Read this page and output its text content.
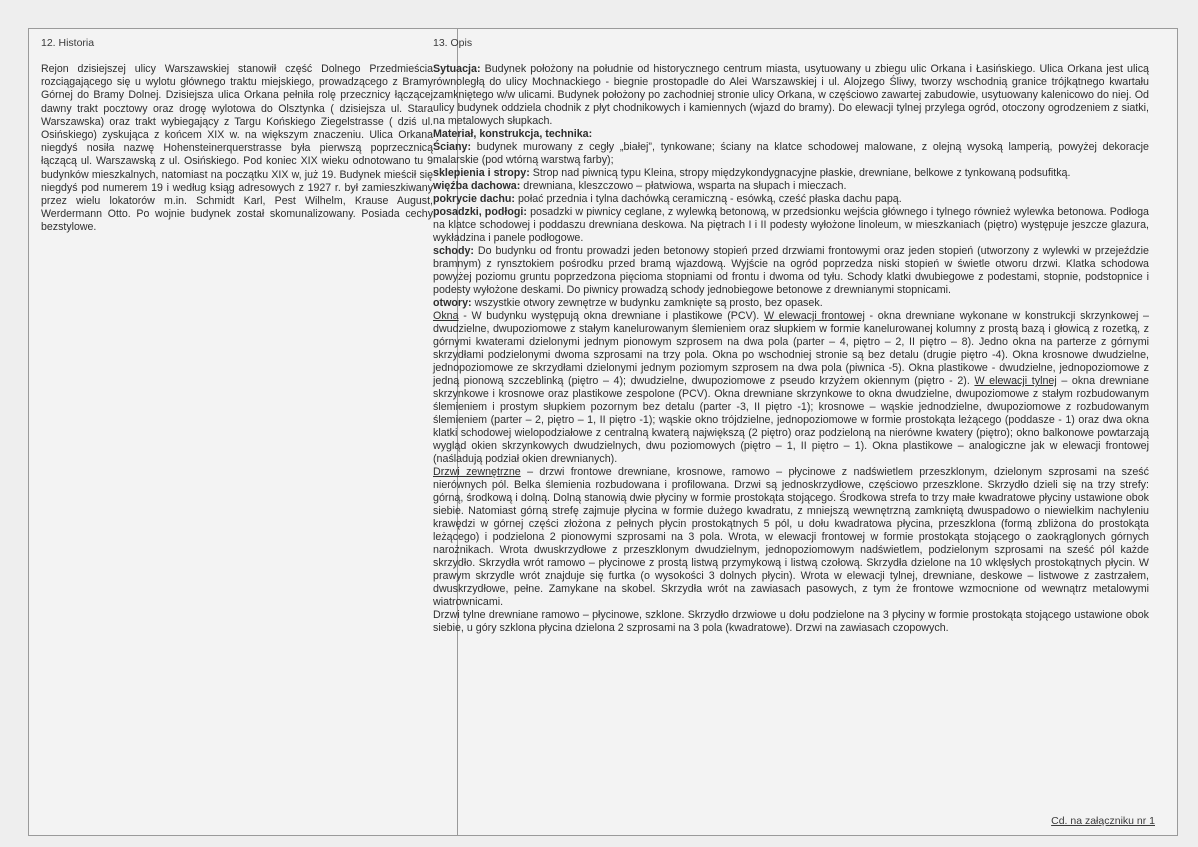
12. Historia

Rejon dzisiejszej ulicy Warszawskiej stanowił część Dolnego Przedmieścia rozciągającego się u wylotu głównego traktu miejskiego, prowadzącego z Bramy Górnej do Bramy Dolnej. Dzisiejsza ulica Orkana pełniła rolę przecznicy łączącej dawny trakt pocztowy oraz drogę wylotowa do Olsztynka ( dzisiejsza ul. Stara Warszawska) oraz trakt wybiegający z Targu Końskiego Ziegelstrasse ( dziś ul. Osińskiego) zyskująca z końcem XIX w. na większym znaczeniu. Ulica Orkana niegdyś nosiła nazwę Hohensteinerquerstrasse była pierwszą poprzecznicą łączącą ul. Warszawską z ul. Osińskiego. Pod koniec XIX wieku odnotowano tu 9 budynków mieszkalnych, natomiast na początku XIX w, już 19. Budynek mieścił się niegdyś pod numerem 19 i według ksiąg adresowych z 1927 r. był zamieszkiwany przez wielu lokatorów m.in. Schmidt Karl, Pest Wilhelm, Krause August, Werdermann Otto. Po wojnie budynek został skomunalizowany. Posiada cechy bezstylowe.

13. Opis

Sytuacja: Budynek położony na południe od historycznego centrum miasta, usytuowany u zbiegu ulic Orkana i Łasińskiego. Ulica Orkana jest ulicą równoległą do ulicy Mochnackiego - biegnie prostopadle do Alei Warszawskiej i ul. Alojzego Śliwy, tworzy wschodnią granice trójkątnego kwartału zamkniętego w/w ulicami. Budynek położony po zachodniej stronie ulicy Orkana, w częściowo zawartej zabudowie, usytuowany kalenicowo do niej. Od ulicy budynek oddziela chodnik z płyt chodnikowych i kamiennych (wjazd do bramy). Do elewacji tylnej przylega ogród, otoczony ogrodzeniem z siatki, na metalowych słupkach.

Materiał, konstrukcja, technika:

Ściany: budynek murowany z cegły „białej”, tynkowane; ściany na klatce schodowej malowane, z olejną wysoką lamperią, powyżej dekoracje malarskie (pod wtórną warstwą farby);

sklepienia i stropy: Strop nad piwnicą typu Kleina, stropy międzykondygnacyjne płaskie, drewniane, belkowe z tynkowaną podsufitką.

więźba dachowa: drewniana, kleszczowo – płatwiowa, wsparta na słupach i mieczach.

pokrycie dachu: połać przednia i tylna dachówką ceramiczną - esówką, cześć płaska dachu papą.

posadzki, podłogi: posadzki w piwnicy ceglane, z wylewką betonową, w przedsionku wejścia głównego i tylnego również wylewka betonowa. Podłoga na klatce schodowej i poddaszu drewniana deskowa. Na piętrach I i II podesty wyłożone linoleum, w mieszkaniach (piętro) występuje jeszcze glazura, wykładzina i panele podłogowe.

schody: Do budynku od frontu prowadzi jeden betonowy stopień przed drzwiami frontowymi oraz jeden stopień (utworzony z wylewki w przejeździe bramnym) z rynsztokiem pośrodku przed bramą wjazdową. Wyjście na ogród poprzedza niski stopień w świetle otworu drzwi. Klatka schodowa powyżej poziomu gruntu poprzedzona pięcioma stopniami od frontu i dwoma od tyłu. Schody klatki dwubiegowe z podestami, stopnie, podstopnice i podesty wyłożone deskami. Do piwnicy prowadzą schody jednobiegowe betonowe z drewnianymi stopnicami.

otwory: wszystkie otwory zewnętrze w budynku zamknięte są prosto, bez opasek.

Okna - W budynku występują okna drewniane i plastikowe (PCV). W elewacji frontowej - okna drewniane wykonane w konstrukcji skrzynkowej – dwudzielne, dwupoziomowe z stałym kanelurowanym ślemieniem oraz słupkiem w formie kanelurowanej kolumny z prostą bazą i głowicą z rozetką, z górnymi kwaterami dzielonymi jednym pionowym szprosem na dwa pola (parter – 4, piętro – 2, II piętro – 8). Jedno okna na parterze z górnymi skrzydłami podzielonymi dwoma szprosami na trzy pola. Okna po wschodniej stronie są bez detalu (drugie piętro -4). Okna krosnowe dwudzielne, jednopoziomowe ze skrzydłami dzielonymi jednym poziomym szprosem na dwa pola (piwnica -5). Okna plastikowe - dwudzielne, jednopoziomowe z jedną pionową szczeblinką (piętro – 4); dwudzielne, dwupoziomowe z pseudo krzyżem okiennym (piętro - 2). W elewacji tylnej – okna drewniane skrzynkowe i krosnowe oraz plastikowe zespolone (PCV). Okna drewniane skrzynkowe to okna dwudzielne, dwupoziomowe z stałym rozbudowanym ślemieniem i prostym słupkiem pozornym bez detalu (parter -3, II piętro -1); krosnowe – wąskie jednodzielne, dwupoziomowe z rozbudowanym ślemieniem (parter – 2, piętro – 1, II piętro -1); wąskie okno trójdzielne, jednopoziomowe w formie prostokąta leżącego (poddasze - 1) oraz dwa okna klatki schodowej wielopodziałowe z centralną kwaterą największą (2 piętro) oraz podzieloną na nierówne kwatery (piętro); okno balkonowe powtarzają wygląd okien skrzynkowych dwudzielnych, dwu poziomowych (piętro – 1, II piętro – 1). Okna plastikowe – analogiczne jak w elewacji frontowej (naśladują podział okien drewnianych).

Drzwi zewnętrzne – drzwi frontowe drewniane, krosnowe, ramowo – płycinowe z nadświetlem przeszklonym, dzielonym szprosami na sześć nierównych pól. Belka ślemienia rozbudowana i profilowana. Drzwi są jednoskrzydłowe, częściowo przeszklone. Skrzydło dzieli się na trzy strefy: górną, środkową i dolną. Dolną stanowią dwie płyciny w formie prostokąta stojącego. Środkowa strefa to trzy małe kwadratowe płyciny ustawione obok siebie. Natomiast górną strefę zajmuje płycina w formie dużego kwadratu, z mniejszą wewnętrzną zamkniętą dwuspadowo o niewielkim nachyleniu krawędzi w górnej części złożona z pełnych płycin prostokątnych 5 pól, u dołu kwadratowa płycina, przeszklona (formą zbliżona do prostokąta leżącego) i podzielona 2 pionowymi szprosami na 3 pola. Wrota, w elewacji frontowej w formie prostokąta stojącego o zaokrąglonych górnych narożnikach. Wrota dwuskrzydłowe z przeszklonym dwudzielnym, jednopoziomowym nadświetlem, podzielonym szprosami na sześć pól każde skrzydło. Skrzydła wrót ramowo – płycinowe z prostą listwą przymykową i listwą czołową. Skrzydła dzielone na 10 wklęsłych prostokątnych płycin. W prawym skrzydle wrót znajduje się furtka (o wysokości 3 dolnych płycin). Wrota w elewacji tylnej, drewniane, deskowe – listwowe z zastrzałem, dwuskrzydłowe, pełne. Zamykane na skobel. Skrzydła wrót na zawiasach pasowych, z tym że frontowe wzmocnione od wewnątrz metalowymi wiatrownicami.

Drzwi tylne drewniane ramowo – płycinowe, szklone. Skrzydło drzwiowe u dołu podzielone na 3 płyciny w formie prostokąta stojącego ustawione obok siebie, u góry szklona płycina dzielona 2 szprosami na 3 pola (kwadratowe). Drzwi na zawiasach czopowych.

Cd. na załączniku nr 1
